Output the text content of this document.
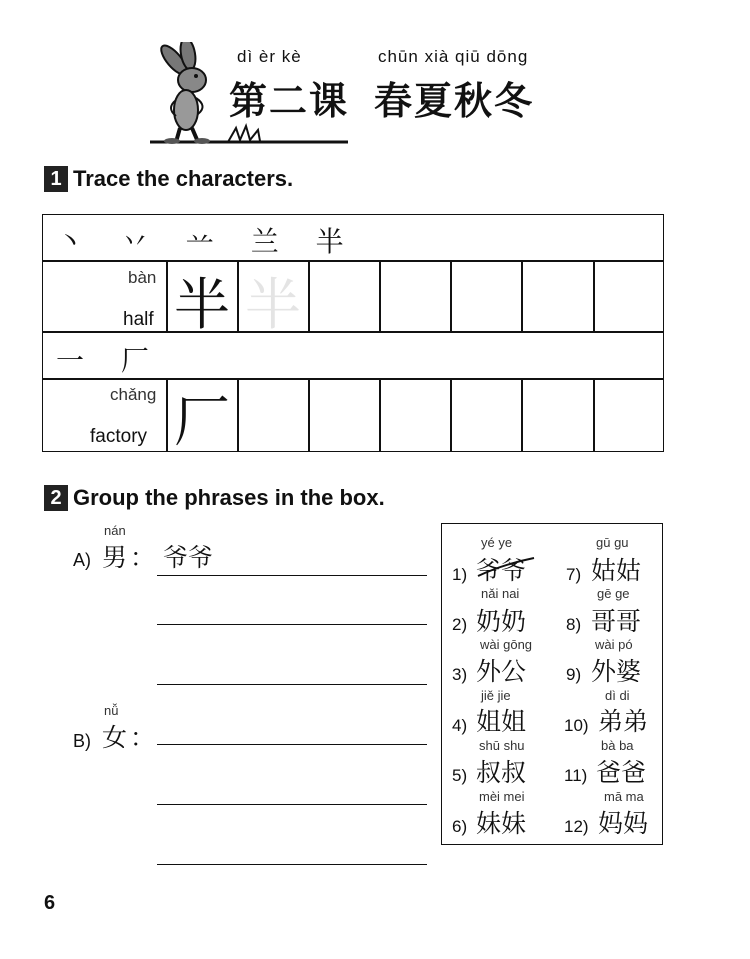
dì èr kè
第二课
chūn xià qiū dōng
春夏秋冬
1 Trace the characters.
丶 丷 䒑 兰 半
bàn
half 半 半
一 厂
chǎng
factory 厂
2 Group the phrases in the box.
nán
A) 男 ： 爷爷
nǚ
B) 女 ：
yé ye
1) 爷爷
nǎi nai
2) 奶奶
wài gōng
3) 外公
jiě jie
4) 姐姐
shū shu
5) 叔叔
mèi mei
6) 妹妹
gū gu
7) 姑姑
gē ge
8) 哥哥
wài pó
9) 外婆
dì di
10) 弟弟
bà ba
11) 爸爸
mā ma
12) 妈妈
6
